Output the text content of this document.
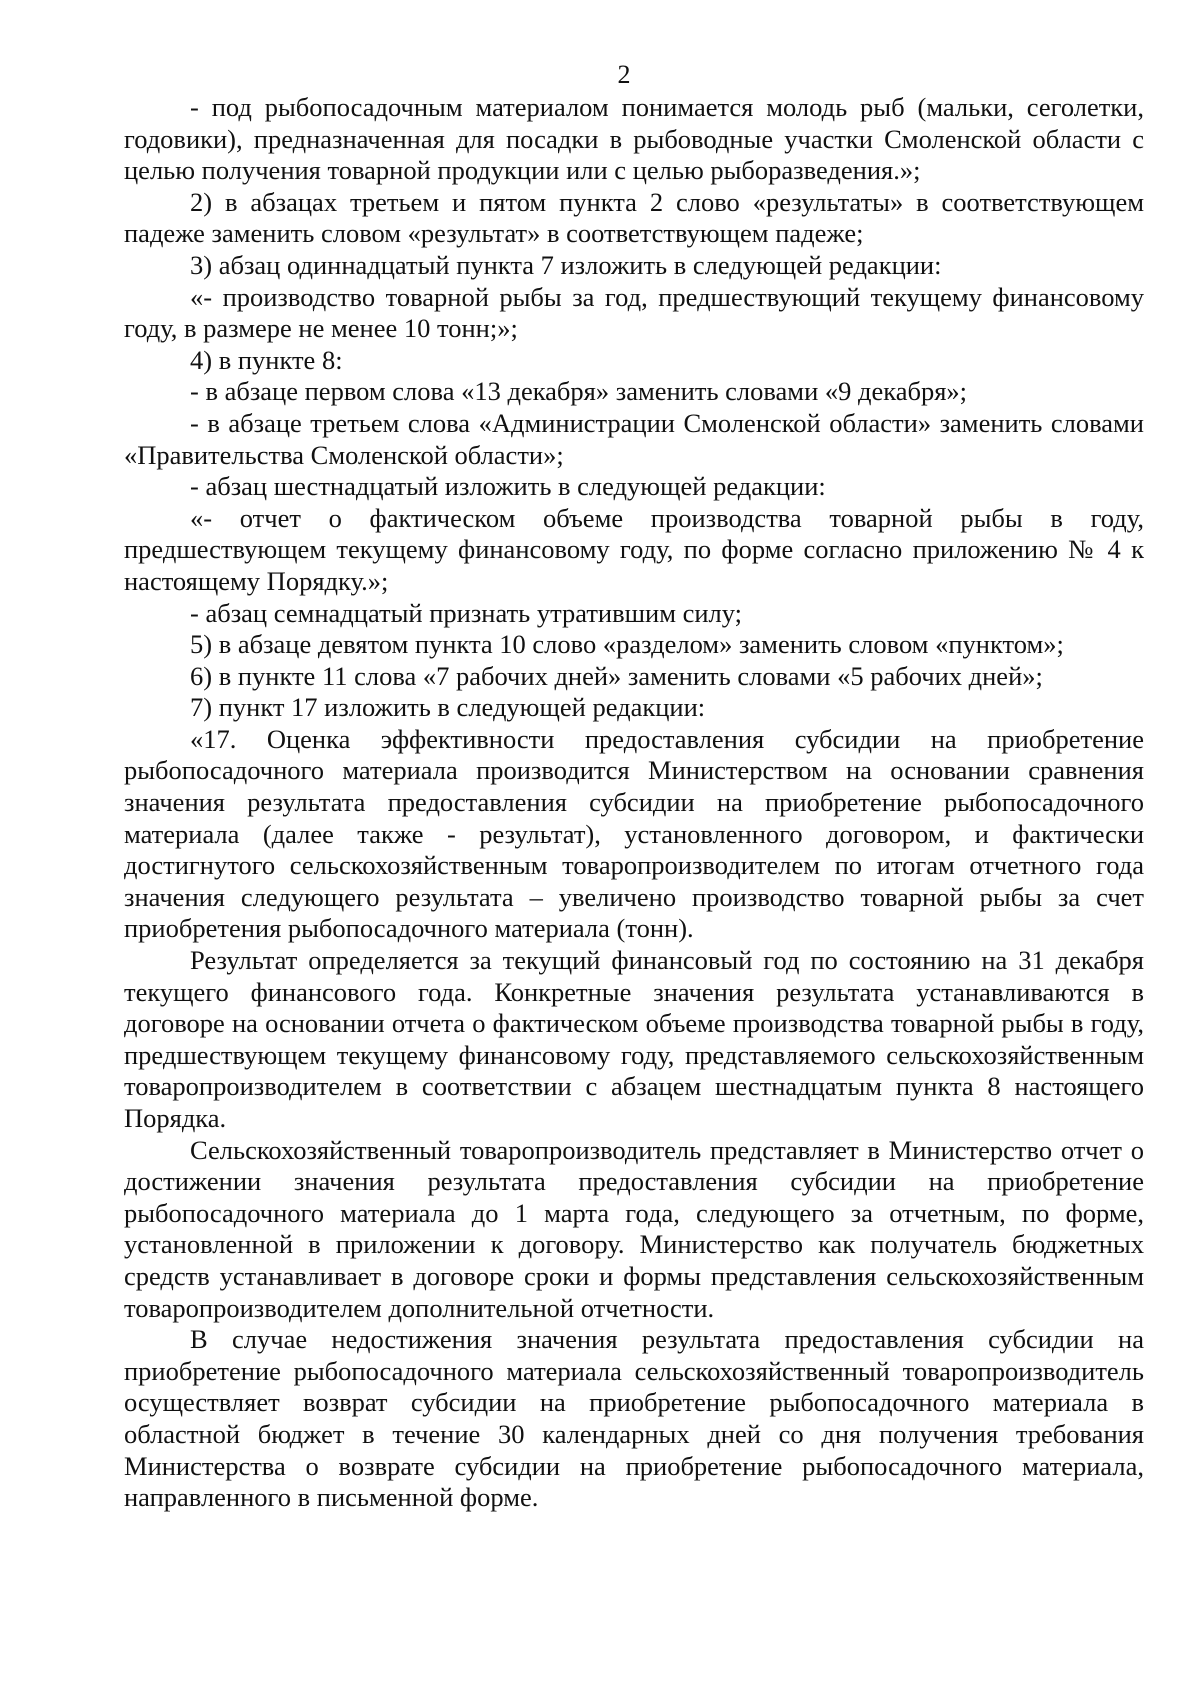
2

- под рыбопосадочным материалом понимается молодь рыб (мальки, сеголетки, годовики), предназначенная для посадки в рыбоводные участки Смоленской области с целью получения товарной продукции или с целью рыборазведения.»;

2) в абзацах третьем и пятом пункта 2 слово «результаты» в соответствующем падеже заменить словом «результат» в соответствующем падеже;

3) абзац одиннадцатый пункта 7 изложить в следующей редакции:

«- производство товарной рыбы за год, предшествующий текущему финансовому году, в размере не менее 10 тонн;»;

4) в пункте 8:

- в абзаце первом слова «13 декабря» заменить словами «9 декабря»;

- в абзаце третьем слова «Администрации Смоленской области» заменить словами «Правительства Смоленской области»;

- абзац шестнадцатый изложить в следующей редакции:

«- отчет о фактическом объеме производства товарной рыбы в году, предшествующем текущему финансовому году, по форме согласно приложению № 4 к настоящему Порядку.»;

- абзац семнадцатый признать утратившим силу;

5) в абзаце девятом пункта 10 слово «разделом» заменить словом «пунктом»;

6) в пункте 11 слова «7 рабочих дней» заменить словами «5 рабочих дней»;

7) пункт 17 изложить в следующей редакции:

«17. Оценка эффективности предоставления субсидии на приобретение рыбопосадочного материала производится Министерством на основании сравнения значения результата предоставления субсидии на приобретение рыбопосадочного материала (далее также - результат), установленного договором, и фактически достигнутого сельскохозяйственным товаропроизводителем по итогам отчетного года значения следующего результата – увеличено производство товарной рыбы за счет приобретения рыбопосадочного материала (тонн).

Результат определяется за текущий финансовый год по состоянию на 31 декабря текущего финансового года. Конкретные значения результата устанавливаются в договоре на основании отчета о фактическом объеме производства товарной рыбы в году, предшествующем текущему финансовому году, представляемого сельскохозяйственным товаропроизводителем в соответствии с абзацем шестнадцатым пункта 8 настоящего Порядка.

Сельскохозяйственный товаропроизводитель представляет в Министерство отчет о достижении значения результата предоставления субсидии на приобретение рыбопосадочного материала до 1 марта года, следующего за отчетным, по форме, установленной в приложении к договору. Министерство как получатель бюджетных средств устанавливает в договоре сроки и формы представления сельскохозяйственным товаропроизводителем дополнительной отчетности.

В случае недостижения значения результата предоставления субсидии на приобретение рыбопосадочного материала сельскохозяйственный товаропроизводитель осуществляет возврат субсидии на приобретение рыбопосадочного материала в областной бюджет в течение 30 календарных дней со дня получения требования Министерства о возврате субсидии на приобретение рыбопосадочного материала, направленного в письменной форме.
